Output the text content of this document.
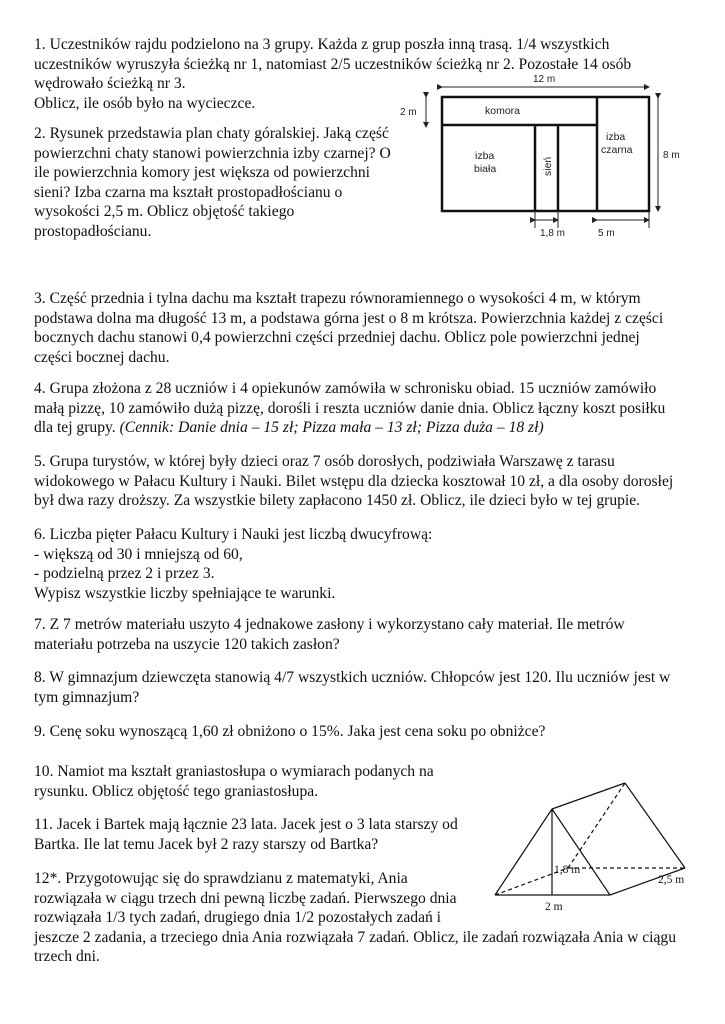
1. Uczestników rajdu podzielono na 3 grupy. Każda z grup poszła inną trasą. 1/4 wszystkich
uczestników wyruszyła ścieżką nr 1, natomiast 2/5 uczestników ścieżką nr 2. Pozostałe 14 osób
wędrowało ścieżką nr 3.
Oblicz, ile osób było na wycieczce.
2. Rysunek przedstawia plan chaty góralskiej. Jaką część
powierzchni chaty stanowi powierzchnia izby czarnej? O
ile powierzchnia komory jest większa od powierzchni
sieni? Izba czarna ma kształt prostopadłościanu o
wysokości 2,5 m. Oblicz objętość takiego
prostopadłościanu.
12 m
2 m
8 m
komora
izba
biała	sień
izba
czarna
1,8 m	5 m
3. Część przednia i tylna dachu ma kształt trapezu równoramiennego o wysokości 4 m, w którym
podstawa dolna ma długość 13 m, a podstawa górna jest o 8 m krótsza. Powierzchnia każdej z części
bocznych dachu stanowi 0,4 powierzchni części przedniej dachu. Oblicz pole powierzchni jednej
części bocznej dachu.
4. Grupa złożona z 28 uczniów i 4 opiekunów zamówiła w schronisku obiad. 15 uczniów zamówiło
małą pizzę, 10 zamówiło dużą pizzę, dorośli i reszta uczniów danie dnia. Oblicz łączny koszt posiłku
dla tej grupy. (Cennik: Danie dnia – 15 zł; Pizza mała – 13 zł; Pizza duża – 18 zł)
5. Grupa turystów, w której były dzieci oraz 7 osób dorosłych, podziwiała Warszawę z tarasu
widokowego w Pałacu Kultury i Nauki. Bilet wstępu dla dziecka kosztował 10 zł, a dla osoby dorosłej
był dwa razy droższy. Za wszystkie bilety zapłacono 1450 zł. Oblicz, ile dzieci było w tej grupie.
6. Liczba pięter Pałacu Kultury i Nauki jest liczbą dwucyfrową:
- większą od 30 i mniejszą od 60,
- podzielną przez 2 i przez 3.
Wypisz wszystkie liczby spełniające te warunki.
7. Z 7 metrów materiału uszyto 4 jednakowe zasłony i wykorzystano cały materiał. Ile metrów
materiału potrzeba na uszycie 120 takich zasłon?
8. W gimnazjum dziewczęta stanowią 4/7 wszystkich uczniów. Chłopców jest 120. Ilu uczniów jest w
tym gimnazjum?
9. Cenę soku wynoszącą 1,60 zł obniżono o 15%. Jaka jest cena soku po obniżce?
10. Namiot ma kształt graniastosłupa o wymiarach podanych na
rysunku. Oblicz objętość tego graniastosłupa.
11. Jacek i Bartek mają łącznie 23 lata. Jacek jest o 3 lata starszy od
Bartka. Ile lat temu Jacek był 2 razy starszy od Bartka?
12*. Przygotowując się do sprawdzianu z matematyki, Ania
rozwiązała w ciągu trzech dni pewną liczbę zadań. Pierwszego dnia
rozwiązała 1/3 tych zadań, drugiego dnia 1/2 pozostałych zadań i
jeszcze 2 zadania, a trzeciego dnia Ania rozwiązała 7 zadań. Oblicz, ile zadań rozwiązała Ania w ciągu
trzech dni.
1,8 m
2,5 m
2 m
